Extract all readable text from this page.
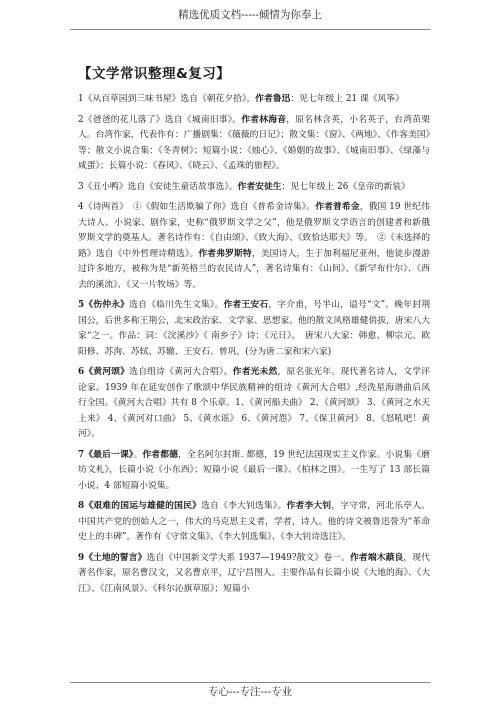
精选优质文档-----倾情为你奉上
【文学常识整理&复习】

1《从百草园到三味书屋》选自《朝花夕拾》。作者鲁迅：见七年级上 21 课《风筝》

2《爸爸的花儿落了》选自《城南旧事》。作者林海音，原名林含英，小名英子，台湾苗栗人。台湾作家，代表作有：广播剧集：《薇薇的日记》；散文集：《窗》、《两地》、《作客美国》等；散文小说合集：《冬青树》；短篇小说：《烛心》、《婚姻的故事》、《城南旧事》、《绿藻与咸蛋》；长篇小说：《春风》、《晓云》、《孟珠的旅程》。

3《丑小鸭》选自《安徒生童话故事选》。作者安徒生：见七年级上 26《皇帝的新装》

4《诗两首》　①《假如生活欺骗了你》选自《普希金诗集》。作者普希金，俄国 19 世纪伟大诗人、小说家、剧作家，史称“俄罗斯文学之父”，他是俄罗斯文学语言的创建者和新俄罗斯文学的奠基人。著名诗作有：《自由颂》、《致大海》、《致恰达耶夫》等。　②《未选择的路》选自《中外哲理诗精选》。作者弗罗斯特，美国诗人，生于加利福尼亚州，他徒步漫游过许多地方，被称为是“新英格兰的农民诗人”，著名诗集有：《山间》、《新罕布什尔》、《西去的溪流》、《又一片牧场》等。

5《伤仲永》选自《临川先生文集》。作者王安石，字介甫，号半山，谥号“文”。晚年封荆国公，后世多称王荆公，北宋政治家、文学家、思想家。他的散文风格雄健俏拔，唐宋八大家“之一。作品：词：《浣溪沙》《 南乡子》诗：《元日》。　唐宋八大家：韩愈、柳宗元、欧阳修、苏洵、苏轼、苏辙、王安石、曾巩。(分为唐二家和宋六家)

6《黄河颂》选自组诗《黄河大合唱》。作者光未然，原名张光年。现代著名诗人，文学评论家。1939 年在延安创作了歌颂中华民族精神的组诗《黄河大合唱》,经洗星海谱曲后风行全国。《黄河大合唱》共有 8 个乐章。1、《黄河船夫曲》 2、《黄河颂》 3、《黄河之水天上来》 4、《黄河对口曲》 5、《黄水谣》 6、《黄河怨》 7、《保卫黄河》 8、《怒吼吧！黄河》。

7《最后一课》。作者都德，全名阿尔封斯. 都德，19 世纪法国现实主义作家。小说集《磨坊文札》，长篇小说《小东西》；短篇小说《最后一课》、《柏林之围》。一生写了 13 部长篇小说、4 部短篇小说集。

8《艰难的国运与雄健的国民》选自《李大钊选集》。作者李大钊，字守常，河北乐亭人。中国共产党的创始人之一，伟大的马克思主义者，学者，诗人。他的诗文被鲁迅誉为“革命史上的丰碑”。著作有《守常文集》、《李大钊选集》、《李大钊诗选注》。

9《土地的誓言》选自《中国新文学大系 1937—1949?散文》卷一。作者端木蕻良，现代著名作家，原名曹汉文，又名曹京平，辽宁昌图人。主要作品有长篇小说《大地的海》、《大江》、《江南风景》、《科尔沁旗草原》；短篇小

专心---专注---专业
